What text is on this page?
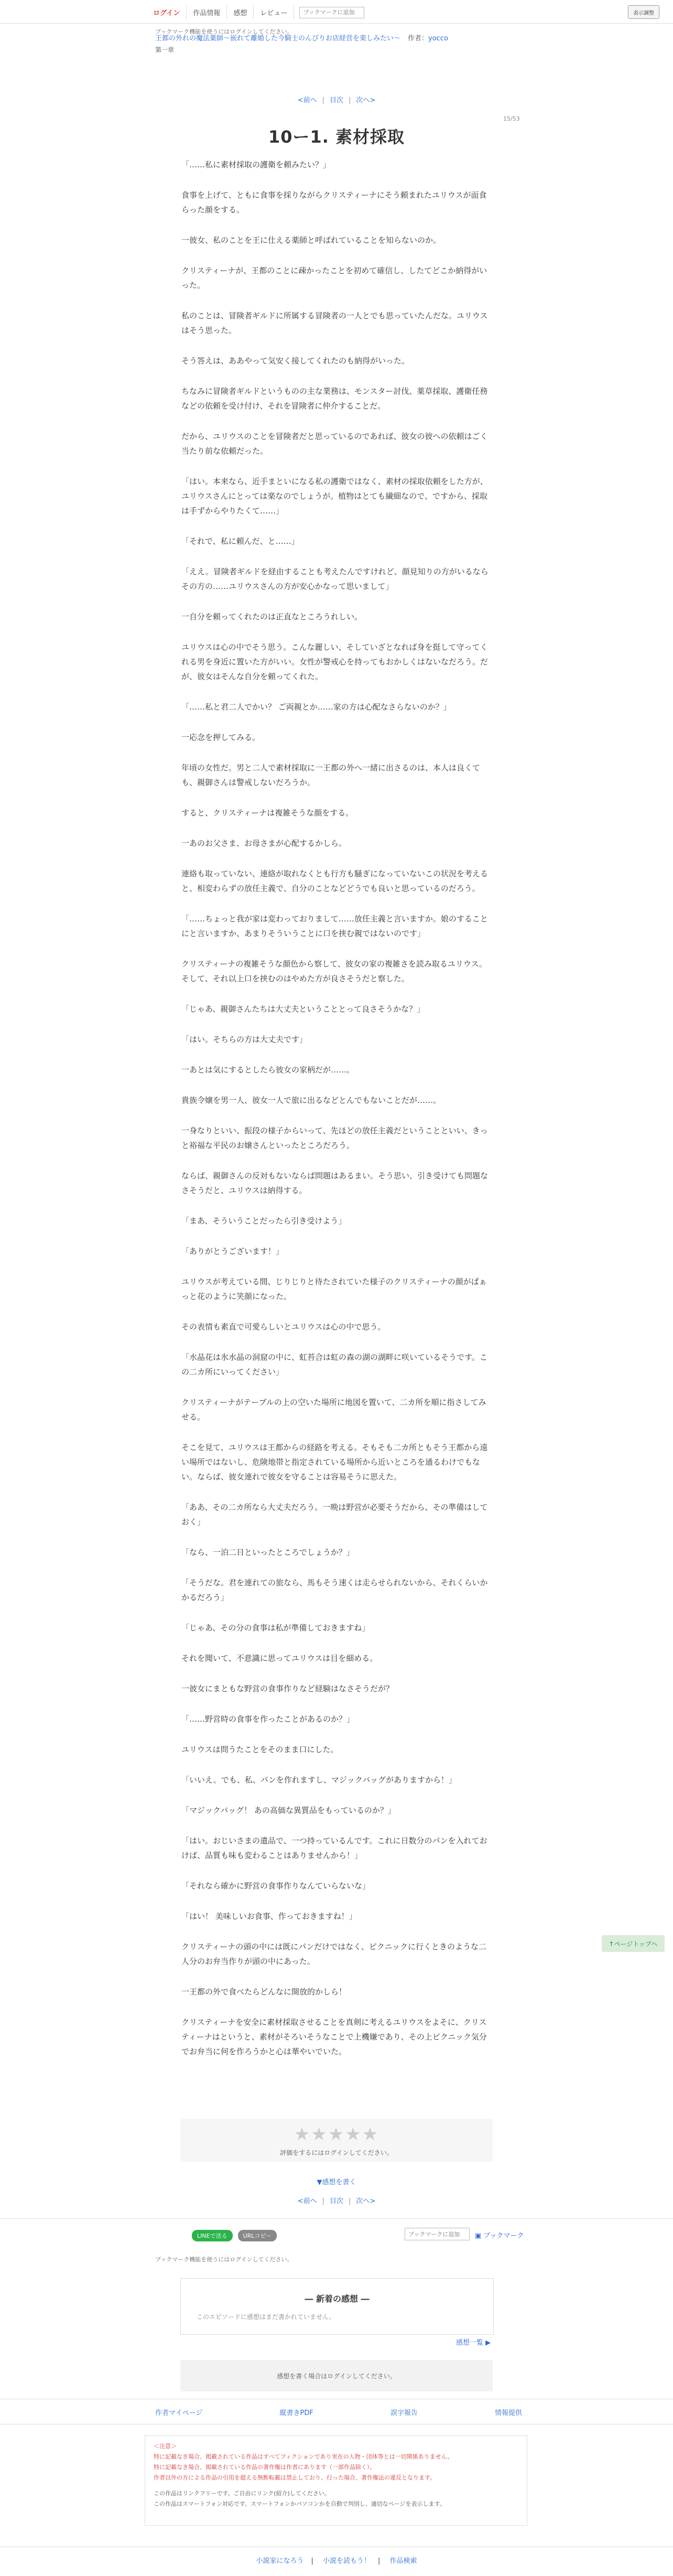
ログイン	作品情報	感想	レビュー
ブックマークに追加	表示調整
ブックマーク機能を使うにはログインしてください。
王都の外れの魔法薬師〜嵌れて離婚した今騎士のんびりお店経営を楽しみたい〜 作者：yocco
第一章
<前へ | 目次 | 次へ>
15/53
10ー1. 素材採取

「……私に素材採取の護衛を頼みたい？」

食事を上げて、ともに食事を採りながらクリスティーナにそう頼まれたユリウスが面食らった顔をする。

一彼女、私のことを王に仕える薬師と呼ばれていることを知らないのか。

クリスティーナが、王都のことに疎かったことを初めて確信し、したてどこか納得がいった。

私のことは、冒険者ギルドに所属する冒険者の一人とでも思っていたんだな。ユリウスはそう思った。

そう答えは、ああやって気安く接してくれたのも納得がいった。

ちなみに冒険者ギルドというものの主な業務は、モンスター討伐、薬草採取、護衛任務などの依頼を受け付け、それを冒険者に仲介することだ。

だから、ユリウスのことを冒険者だと思っているのであれば、彼女の彼への依頼はごく当たり前な依頼だった。

「はい。本来なら、近手まといになる私の護衛ではなく、素材の採取依頼をした方が、ユリウスさんにとっては楽なのでしょうが。植物はとても繊細なので、ですから、採取は手ずからやりたくて……」

「それで、私に頼んだ、と……」

「ええ。冒険者ギルドを経由することも考えたんですけれど、顔見知りの方がいるならその方の……ユリウスさんの方が安心かなって思いまして」

一自分を頼ってくれたのは正直なところうれしい。

ユリウスは心の中でそう思う。こんな麗しい、そしていざとなれば身を挺して守ってくれる男を身近に置いた方がいい。女性が警戒心を持ってもおかしくはないなだろう。だが、彼女はそんな自分を頼ってくれた。

「……私と君二人でかい？ ご両親とか……家の方は心配なさらないのか？」

一応念を押してみる。

年頃の女性だ。男と二人で素材採取に一王都の外へ一緒に出さるのは、本人は良くても、親御さんは警戒しないだろうか。

すると、クリスティーナは複雑そうな顔をする。

一あのお父さま、お母さまが心配するかしら。

連絡も取っていない、連絡が取れなくとも行方も騒ぎになっていないこの状況を考えると、相変わらずの放任主義で、自分のことなどどうでも良いと思っているのだろう。

「……ちょっと我が家は変わっておりまして……放任主義と言いますか。娘のすることにと言いますか、あまりそういうことに口を挟む親ではないのです」

クリスティーナの複雑そうな顔色から察して、彼女の家の複雑さを読み取るユリウス。そして、それ以上口を挟むのはやめた方が良さそうだと察した。

「じゃあ、親御さんたちは大丈夫ということとって良さそうかな？」

「はい。そちらの方は大丈夫です」

一あとは気にするとしたら彼女の家柄だが……。

貴族令嬢を男一人、彼女一人で旅に出るなどとんでもないことだが……。

一身なりといい、振段の様子からいって、先ほどの放任主義だということといい、きっと裕福な平民のお嬢さんといったところだろう。

ならば、親御さんの反対もないならば問題はあるまい。そう思い、引き受けても問題なさそうだと、ユリウスは納得する。

「まあ、そういうことだったら引き受けよう」

「ありがとうございます！」

ユリウスが考えている間、じりじりと待たされていた様子のクリスティーナの顔がぱぁっと花のように笑顔になった。

その表情も素直で可愛らしいとユリウスは心の中で思う。

「水晶花は氷水晶の洞窟の中に、虹苔合は虹の森の湖の湖畔に咲いているそうです。この二カ所にいってください」

クリスティーナがテーブルの上の空いた場所に地図を置いて、二カ所を順に指さしてみせる。

そこを見て、ユリウスは王都からの経路を考える。そもそも二カ所ともそう王都から遠い場所ではないし、危険地帯と指定されている場所から近いところを通るわけでもない。ならば、彼女連れで彼女を守ることは容易そうに思えた。

「ああ、その二カ所なら大丈夫だろう。一晩は野営が必要そうだから、その準備はしておく」

「なら、一泊二日といったところでしょうか？」

「そうだな。君を連れての旅なら、馬もそう速くは走らせられないから、それくらいかかるだろう」

「じゃあ、その分の食事は私が準備しておきますね」

それを聞いて、不意識に思ってユリウスは目を細める。

一彼女にまともな野営の食事作りなど経験はなさそうだが？

「……野営時の食事を作ったことがあるのか？」

ユリウスは問うたことをそのまま口にした。

「いいえ。でも、私、パンを作れますし、マジックバッグがありますから！」

「マジックバッグ！ あの高価な異質品をもっているのか？」

「はい。おじいさまの遺品で、一つ持っているんです。これに日数分のパンを入れておけば、品質も味も変わることはありませんから！」

「それなら確かに野営の食事作りなんていらないな」

「はい！ 美味しいお食事、作っておきますね！」

クリスティーナの頭の中には既にパンだけではなく、ピクニックに行くときのような二人分のお弁当作りが頭の中にあった。

一王都の外で食べたらどんなに開放的かしら！

クリスティーナを安全に素材採取させることを真剣に考えるユリウスをよそに、クリスティーナはというと、素材がそろいそうなことで上機嫌であり、その上ピクニック気分でお弁当に何を作ろうかと心は華やいでいた。

↑ページトップへ
★★★★★
評価をするにはログインしてください。
▼感想を書く
<前へ | 目次 | 次へ>
LINEで送る	URLコピー
ブックマークに追加	▣ ブックマーク
ブックマーク機能を使うにはログインしてください。
― 新着の感想 ―
このエピソードに感想はまだ書かれていません。
感想一覧 ▶
感想を書く場合はログインしてください。
作者マイページ	縦書きPDF	誤字報告	情報提供
＜注意＞
特に記載なき場合、掲載されている作品はすべてフィクションであり実在の人物・団体等とは一切関係ありません。
特に記載なき場合、掲載されている作品の著作権は作者にあります（一部作品除く）。
作者以外の方による作品の引用を超える無断転載は禁止しており、行った場合、著作権法の違反となります。
この作品はリンクフリーです。ご自由にリンク(紹介)してください。
この作品はスマートフォン対応です。スマートフォンかパソコンかを自動で判別し、適切なページを表示します。
小説家になろう | 小説を読もう！ | 作品検索
